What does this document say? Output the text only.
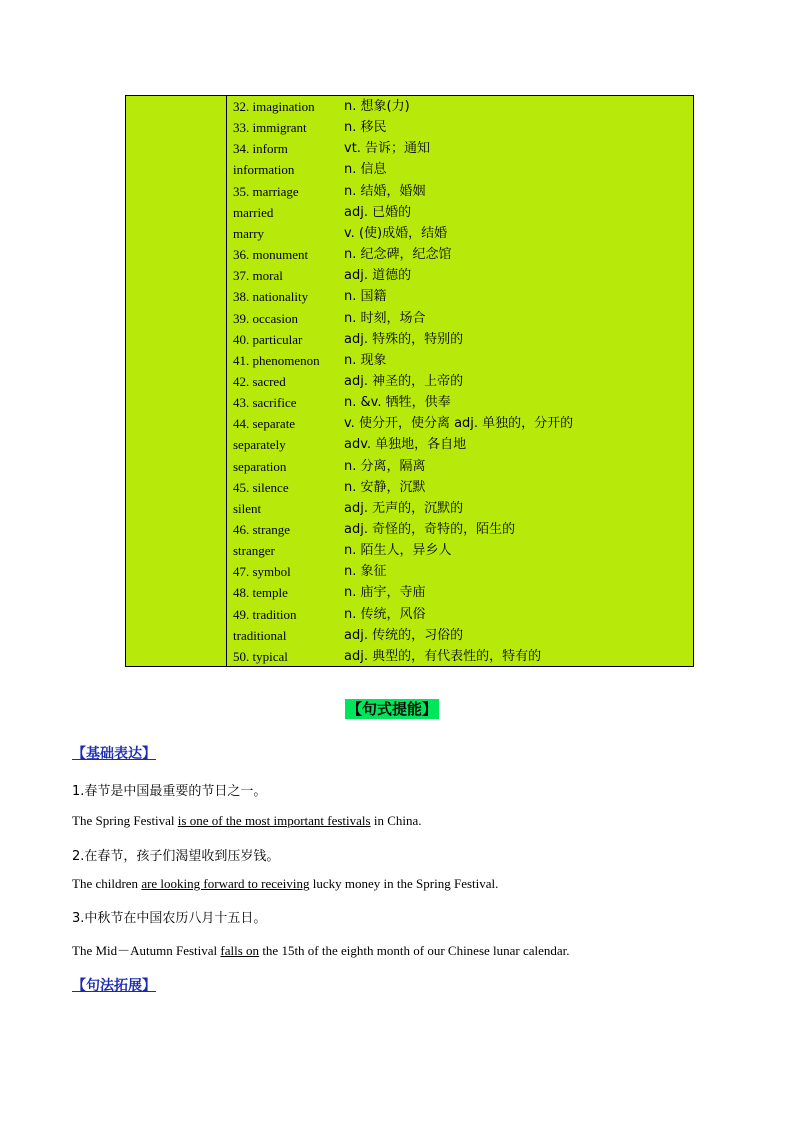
32. imagination n. 想象(力)
33. immigrant	n. 移民
34. inform	vt. 告诉；通知
information	n. 信息
35. marriage	n. 结婚，婚姻
married	adj. 已婚的
marry	v. (使)成婚，结婚
36. monument	n. 纪念碑，纪念馆
37. moral	adj. 道德的
38. nationality	n. 国籍
39. occasion	n. 时刻，场合
40. particular	adj. 特殊的，特别的
41. phenomenon n. 现象
42. sacred	adj. 神圣的，上帝的
43. sacrifice	n. &v. 牺牲，供奉
44. separate	v. 使分开，使分离 adj. 单独的，分开的
separately	adv. 单独地，各自地
separation	n. 分离，隔离
45. silence	n. 安静，沉默
silent	adj. 无声的，沉默的
46. strange	adj. 奇怪的，奇特的，陌生的
stranger	n. 陌生人，异乡人
47. symbol	n. 象征
48. temple	n. 庙宇，寺庙
49. tradition	n. 传统，风俗
traditional	adj. 传统的，习俗的
50. typical	adj. 典型的，有代表性的，特有的
【句式提能】
【基础表达】
1.春节是中国最重要的节日之一。
The Spring Festival is one of the most important festivals in China.
2.在春节，孩子们渴望收到压岁钱。
The children are looking forward to receiving lucky money in the Spring Festival.
3.中秋节在中国农历八月十五日。
The Mid－Autumn Festival falls on the 15th of the eighth month of our Chinese lunar calendar.
【句法拓展】
